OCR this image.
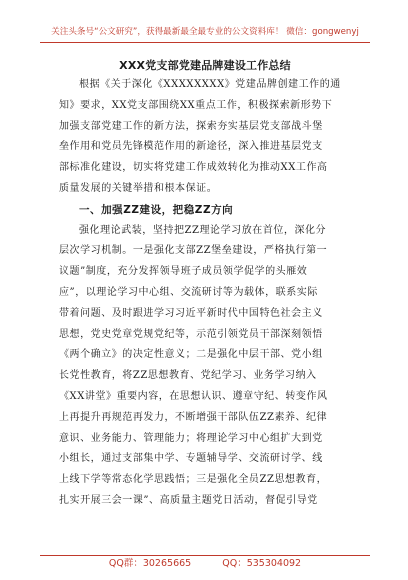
关注头条号“公文研究”，获得最新最全最专业的公文资料库！ 微信：gongwenyj
XXX党支部党建品牌建设工作总结
根据《关于深化《XXXXXXXX》党建品牌创建工作的通
知》要求，XX党支部围绕XX重点工作，积极探索新形势下
加强支部党建工作的新方法，探索夯实基层党支部战斗堡
垒作用和党员先锋模范作用的新途径，深入推进基层党支
部标准化建设，切实将党建工作成效转化为推动XX工作高
质量发展的关键举措和根本保证。
一、加强ZZ建设，把稳ZZ方向
强化理论武装，坚持把ZZ理论学习放在首位，深化分
层次学习机制。一是强化支部ZZ堡垒建设，严格执行第一
议题”制度，充分发挥领导班子成员领学促学的头雁效
应”，以理论学习中心组、交流研讨等为载体，联系实际
带着问题、及时跟进学习习近平新时代中国特色社会主义
思想，党史党章党规党纪等，示范引领党员干部深刻领悟
《两个确立》的决定性意义；二是强化中层干部、党小组
长党性教育，将ZZ思想教育、党纪学习、业务学习纳入
《XX讲堂》重要内容，在思想认识、遵章守纪、转变作风
上再提升再规范再发力，不断增强干部队伍ZZ素养、纪律
意识、业务能力、管理能力；将理论学习中心组扩大到党
小组长，通过支部集中学、专题辅导学、交流研讨学、线
上线下学等常态化学思践悟；三是强化全员ZZ思想教育，
扎实开展三会一课”、高质量主题党日活动，督促引导党
QQ群：30265665	QQ：535304092
